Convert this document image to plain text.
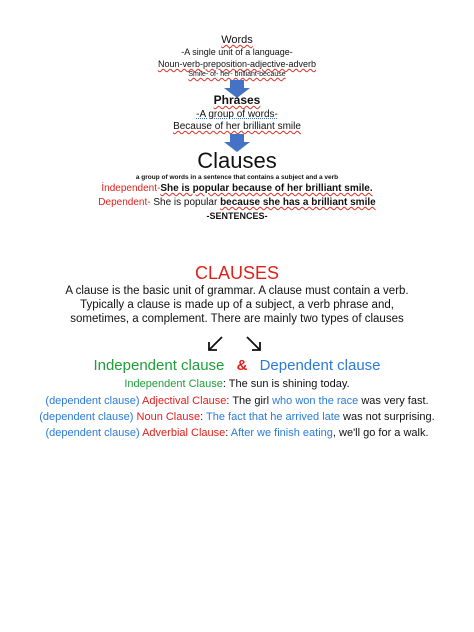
Words
-A single unit of a language-
Noun-verb-preposition-adjective-adverb
Smile- of- her- brilliant-because
Phrases
-A group of words-
Because of her brilliant smile
Clauses
a group of words in a sentence that contains a subject and a verb
İndependent-She is popular because of her brilliant smile.
Dependent- She is popular because she has a brilliant smile
-SENTENCES-
CLAUSES
A clause is the basic unit of grammar. A clause must contain a verb.
Typically a clause is made up of a subject, a verb phrase and,
sometimes, a complement. There are mainly two types of clauses
Independent clause & Dependent clause
Independent Clause: The sun is shining today.
(dependent clause) Adjectival Clause: The girl who won the race was very fast.
(dependent clause) Noun Clause: The fact that he arrived late was not surprising.
(dependent clause) Adverbial Clause: After we finish eating, we'll go for a walk.
